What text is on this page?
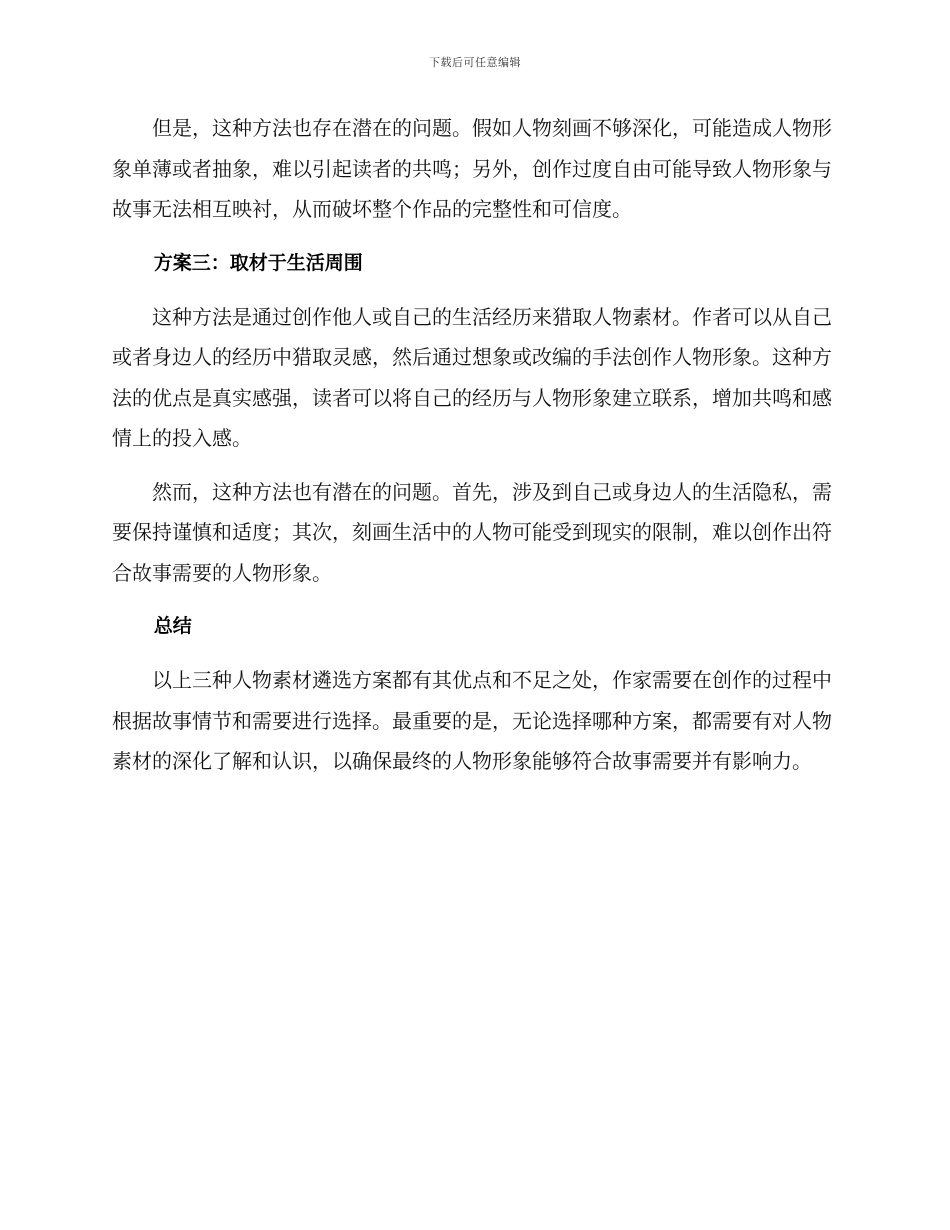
下载后可任意编辑

但是，这种方法也存在潜在的问题。假如人物刻画不够深化，可能造成人物形象单薄或者抽象，难以引起读者的共鸣；另外，创作过度自由可能导致人物形象与故事无法相互映衬，从而破坏整个作品的完整性和可信度。

方案三：取材于生活周围

这种方法是通过创作他人或自己的生活经历来猎取人物素材。作者可以从自己或者身边人的经历中猎取灵感，然后通过想象或改编的手法创作人物形象。这种方法的优点是真实感强，读者可以将自己的经历与人物形象建立联系，增加共鸣和感情上的投入感。

然而，这种方法也有潜在的问题。首先，涉及到自己或身边人的生活隐私，需要保持谨慎和适度；其次，刻画生活中的人物可能受到现实的限制，难以创作出符合故事需要的人物形象。

总结

以上三种人物素材遴选方案都有其优点和不足之处，作家需要在创作的过程中根据故事情节和需要进行选择。最重要的是，无论选择哪种方案，都需要有对人物素材的深化了解和认识，以确保最终的人物形象能够符合故事需要并有影响力。
